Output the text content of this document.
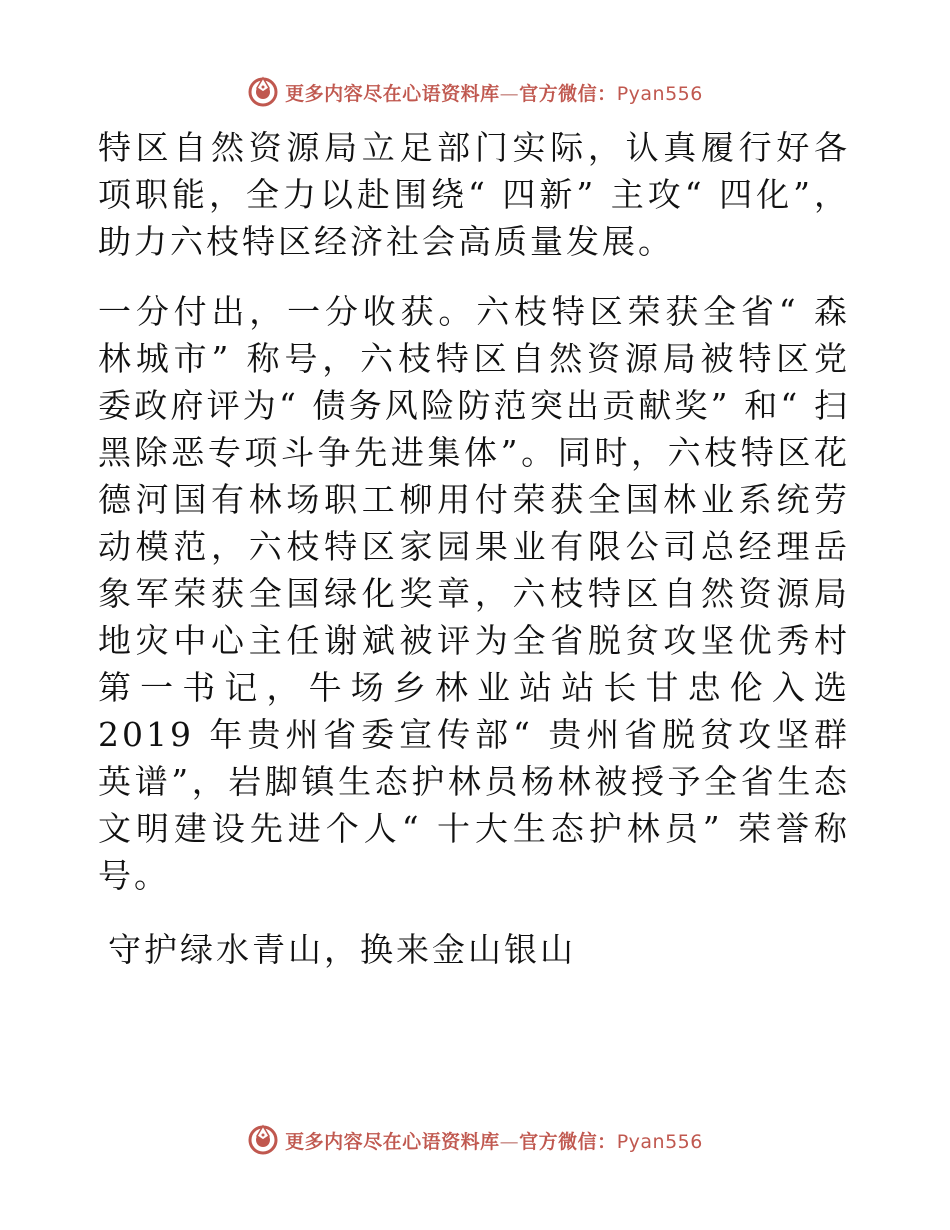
更多内容尽在心语资料库—官方微信：Pyan556

特区自然资源局立足部门实际，认真履行好各项职能，全力以赴围绕“ 四新” 主攻“ 四化”，助力六枝特区经济社会高质量发展。

一分付出，一分收获。六枝特区荣获全省“ 森林城市” 称号，六枝特区自然资源局被特区党委政府评为“ 债务风险防范突出贡献奖” 和“ 扫黑除恶专项斗争先进集体”。同时，六枝特区花德河国有林场职工柳用付荣获全国林业系统劳动模范，六枝特区家园果业有限公司总经理岳象军荣获全国绿化奖章，六枝特区自然资源局地灾中心主任谢斌被评为全省脱贫攻坚优秀村第一书记，牛场乡林业站站长甘忠伦入选 2019 年贵州省委宣传部“ 贵州省脱贫攻坚群英谱”，岩脚镇生态护林员杨林被授予全省生态文明建设先进个人“ 十大生态护林员” 荣誉称号。

守护绿水青山，换来金山银山

更多内容尽在心语资料库—官方微信：Pyan556
